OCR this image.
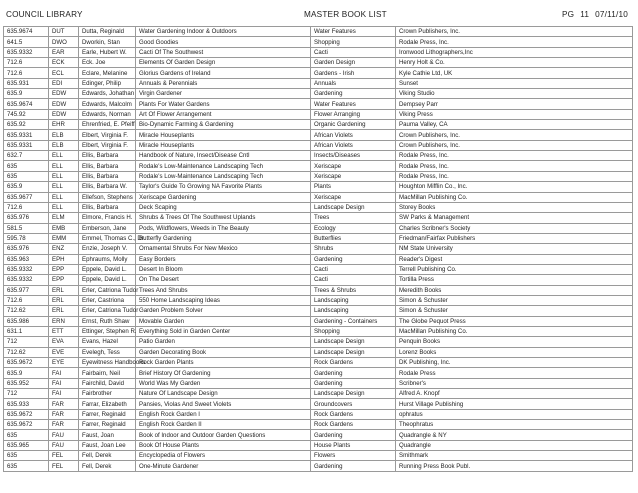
COUNCIL LIBRARY	MASTER BOOK LIST	PG 11 07/11/10
635.9674	DUT	Dutta, Reginald	Water Gardening Indoor & Outdoors	Water Features	Crown Publishers, Inc.
641.5	DWO	Dworkin, Stan	Good Goodies	Shopping	Rodale Press, Inc.
635.9332	EAR	Earle, Hubert W.	Cacti Of The Southwest	Cacti	Ironwood Lithographers,Inc
712.6	ECK	Eck. Joe	Elements Of Garden Design	Garden Design	Henry Holt & Co.
712.6	ECL	Eclare, Melanine	Glorius Gardens of Ireland	Gardens - Irish	Kyle Cathie Ltd, UK
635.931	EDI	Edinger, Philip	Annuals & Perennials	Annuals	Sunset
635.9	EDW	Edwards, Johathan	Virgin Gardener	Gardening	Viking Studio
635.9674	EDW	Edwards, Malcolm	Plants For Water Gardens	Water Features	Dempsey Parr
745.92	EDW	Edwards, Norman	Art Of Flower Arrangement	Flower Arranging	Viking Press
635.92	EHR	Ehrenfried, E. Pfeiff	Bio-Dynamic Farming & Gardening	Organic Gardening	Pauma Valley, CA
635.9331	ELB	Elbert, Virginia F.	Miracle Houseplants	African Violets	Crown Publishers, Inc.
635.9331	ELB	Elbert, Virginia F.	Miracle Houseplants	African Violets	Crown Publishers, Inc.
632.7	ELL	Ellis, Barbara	Handbook of Nature, Insect/Disease Cntl	Insects/Diseases	Rodale Press, Inc.
635	ELL	Ellis, Barbara	Rodale's Low-Maintenance Landscaping Tech	Xeriscape	Rodale Press, Inc.
635	ELL	Ellis, Barbara	Rodale's Low-Maintenance Landscaping Tech	Xeriscape	Rodale Press, Inc.
635.9	ELL	Ellis, Barbara W.	Taylor's Guide To Growing NA Favorite Plants	Plants	Houghton Mifflin Co., Inc.
635.9677	ELL	Ellefson, Stephens	Xeriscape Gardening	Xeriscape	MacMillan Publishing Co.
712.6	ELL	Ellis, Barbara	Deck Scaping	Landscape Design	Storey Books
635.976	ELM	Elmore, Francis H.	Shrubs & Trees Of The Southwest Uplands	Trees	SW Parks & Management
581.5	EMB	Emberson, Jane	Pods, Wildflowers, Weeds in The Beauty	Ecology	Charles Scribner's Society
595.78	EMM	Emmel, Thomas C., Dr.	Butterfly Gardening	Butterflies	Friedman/Fairfax Publishers
635.976	ENZ	Enzie, Joseph V.	Ornamental Shrubs For New Mexico	Shrubs	NM State University
635.963	EPH	Ephraums, Molly	Easy Borders	Gardening	Reader's Digest
635.9332	EPP	Eppele, David L.	Desert In Bloom	Cacti	Terrell Publishing Co.
635.9332	EPP	Eppele, David L.	On The Desert	Cacti	Tortilla Press
635.977	ERL	Erler, Catriona Tudor	Trees And Shrubs	Trees & Shrubs	Meredith Books
712.6	ERL	Erler, Castriona	550 Home Landscaping Ideas	Landscaping	Simon & Schuster
712.62	ERL	Erler, Catriona Tudor	Garden Problem Solver	Landscaping	Simon & Schuster
635.986	ERN	Ernst, Ruth Shaw	Movable Garden	Gardening - Containers	The Globe Pequot Press
631.1	ETT	Ettinger, Stephen R.	Everything Sold in Garden Center	Shopping	MacMillan Publishing Co.
712	EVA	Evans, Hazel	Patio Garden	Landscape Design	Penquin Books
712.62	EVE	Evelegh, Tess	Garden Decorating Book	Landscape Design	Lorenz Books
635.9672	EYE	Eyewitness Handbooks	Rock Garden Plants	Rock Gardens	DK Publishing, Inc.
635.9	FAI	Fairbairn, Neil	Brief History Of Gardening	Gardening	Rodale Press
635.952	FAI	Fairchild, David	World Was My Garden	Gardening	Scribner's
712	FAI	Fairbrother	Nature Of Landscape Design	Landscape Design	Alfred A. Knopf
635.933	FAR	Farrar, Elizabeth	Pansies, Violas And Sweet Violets	Groundcovers	Hurst Village Publishing
635.9672	FAR	Farrer, Reginald	English Rock Garden I	Rock Gardens	ophratus
635.9672	FAR	Farrer, Reginald	English Rock Garden II	Rock Gardens	Theophratus
635	FAU	Faust, Joan	Book of Indoor and Outdoor Garden Questions	Gardening	Quadrangle & NY
635.965	FAU	Faust, Joan Lee	Book Of House Plants	House Plants	Quadrangle
635	FEL	Fell, Derek	Encyclopedia of Flowers	Flowers	Smithmark
635	FEL	Fell, Derek	One-Minute Gardener	Gardening	Running Press Book Publ.
